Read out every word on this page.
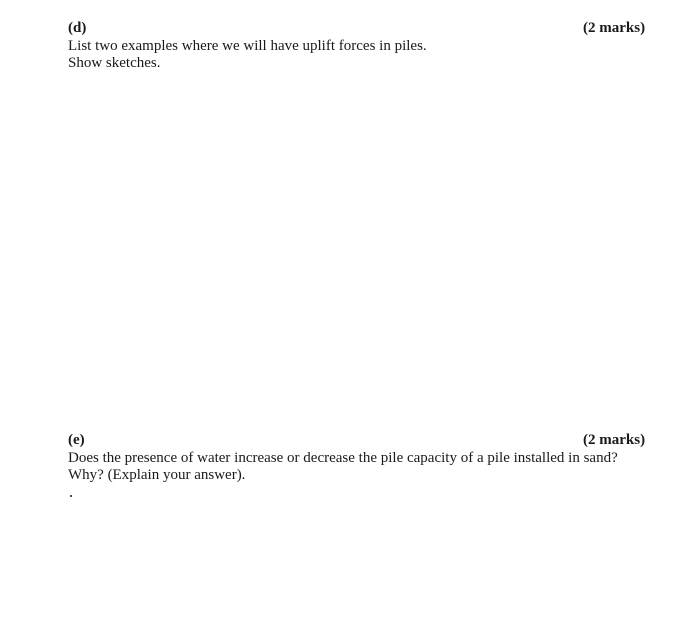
(d)	(2 marks)
List two examples where we will have uplift forces in piles.
Show sketches.
(e)	(2 marks)
Does the presence of water increase or decrease the pile capacity of a pile installed in sand?
Why? (Explain your answer).
